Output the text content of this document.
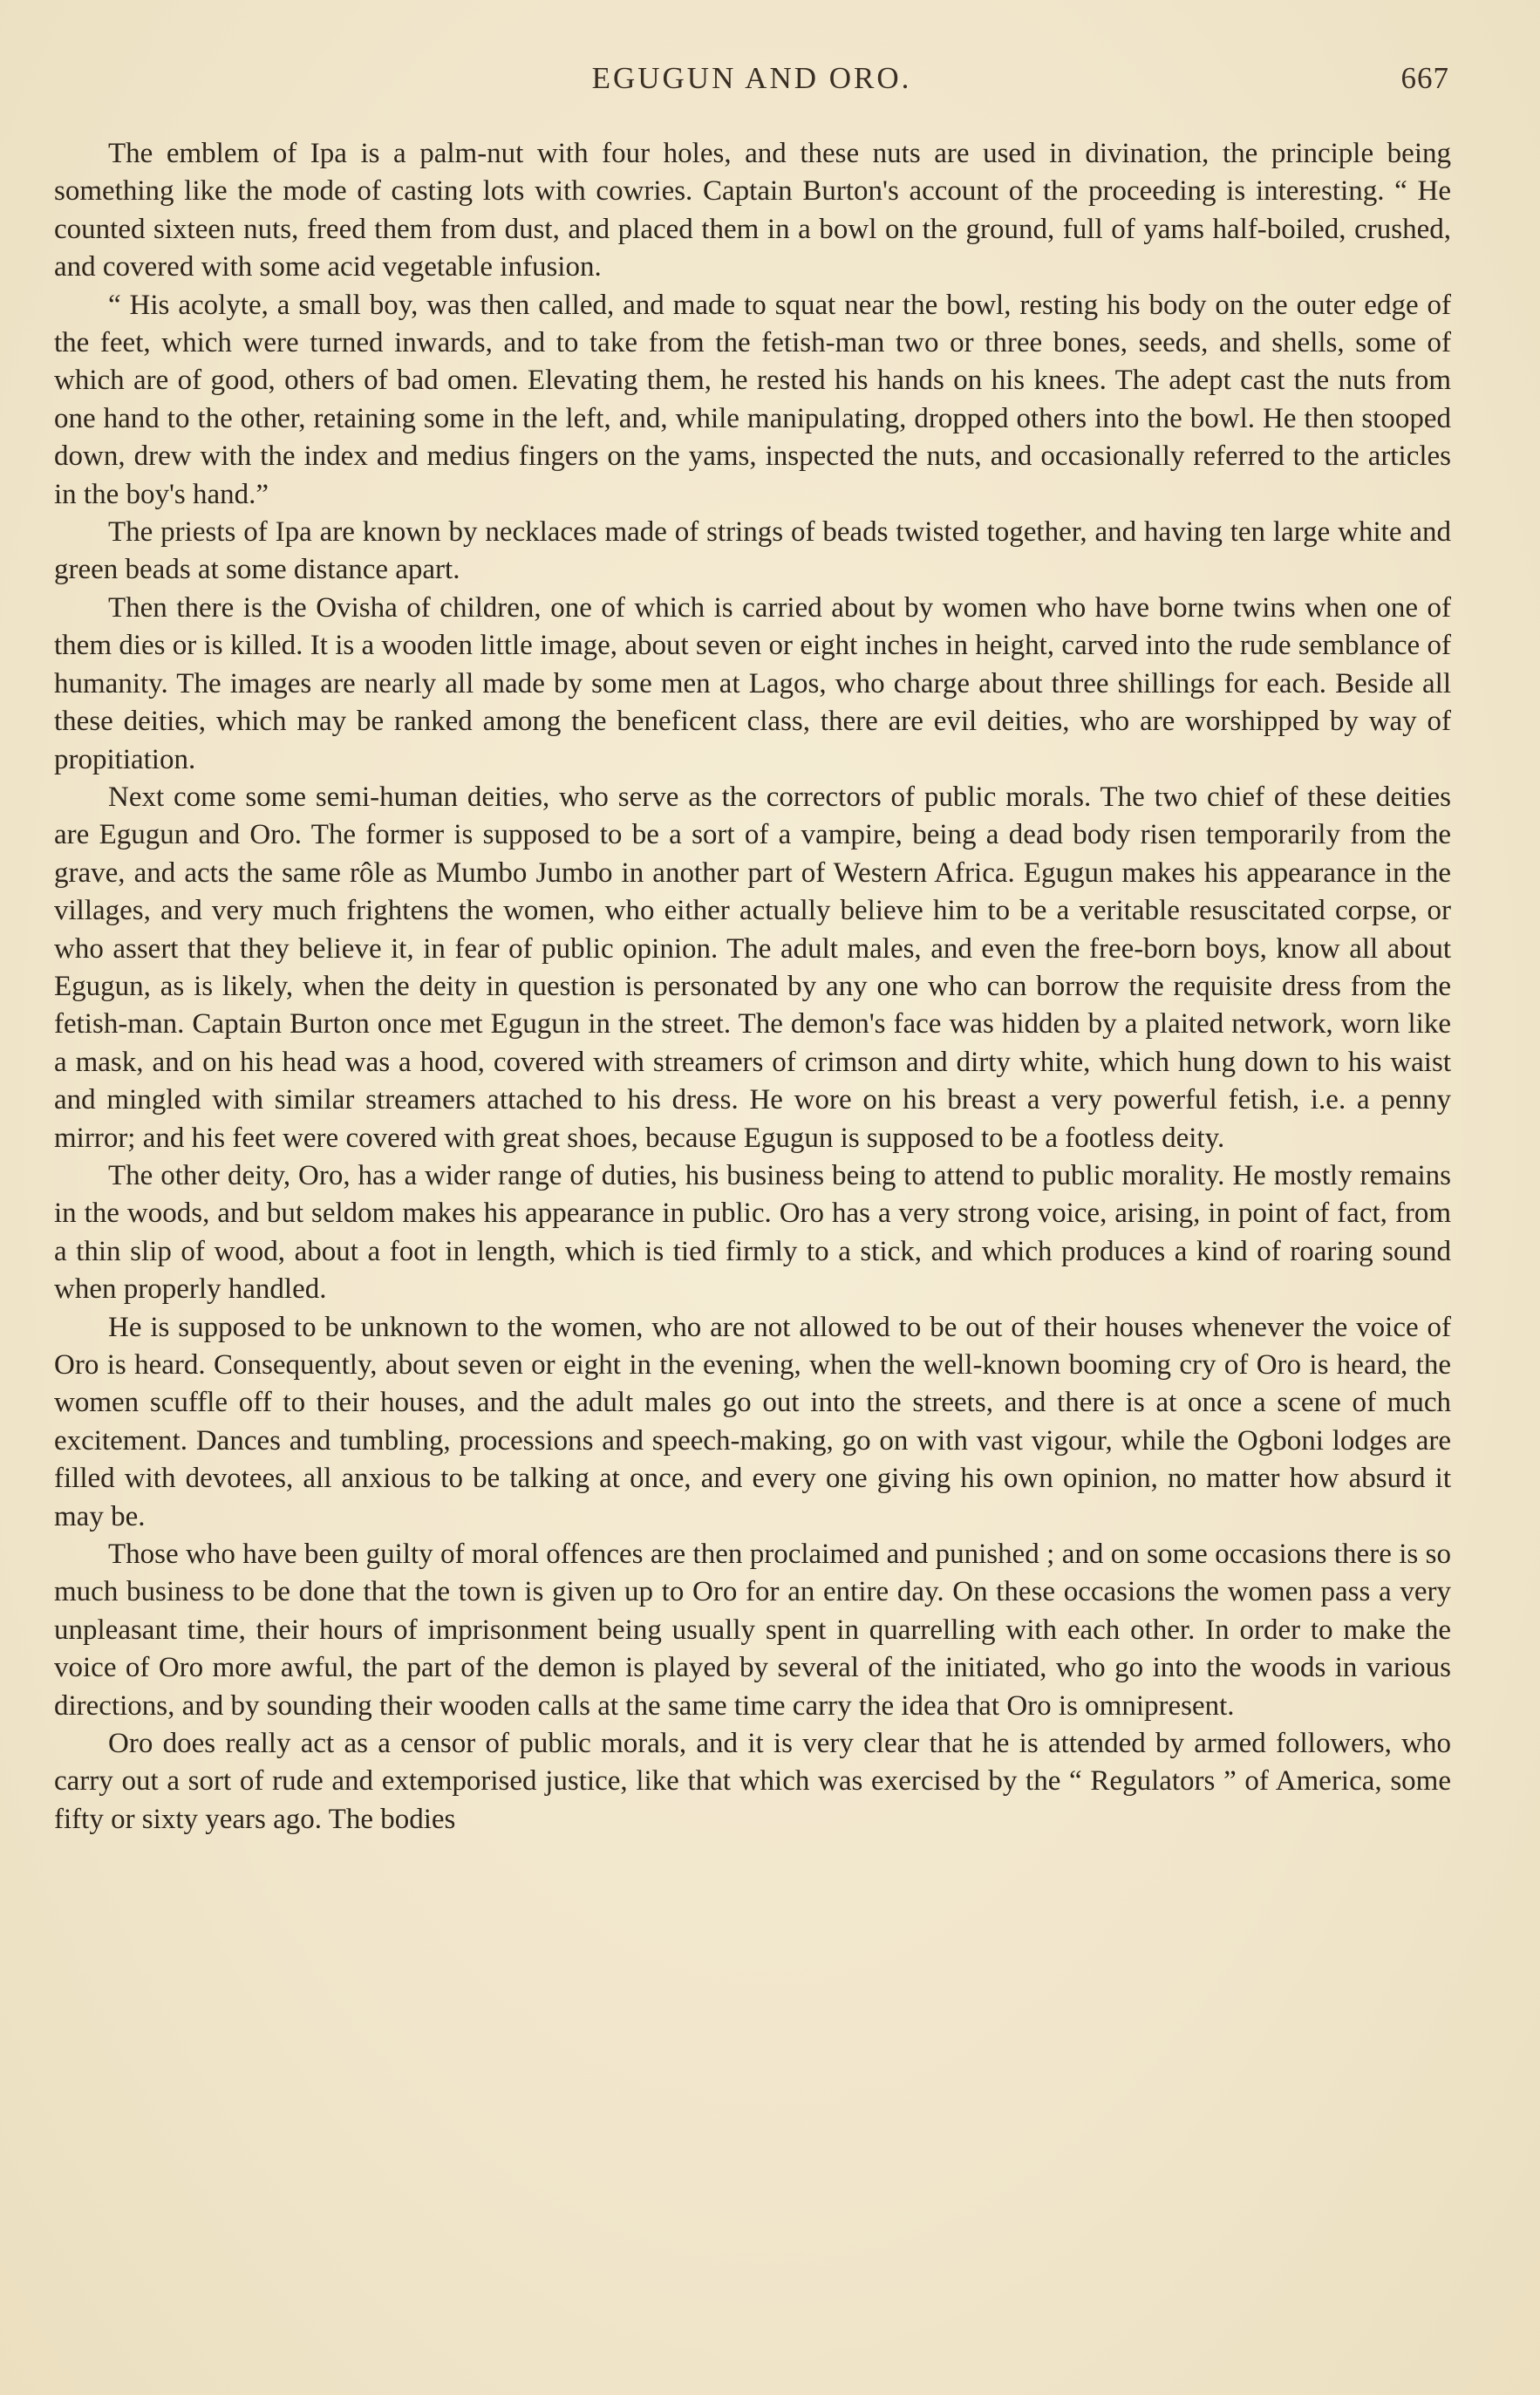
EGUGUN AND ORO.	667

The emblem of Ipa is a palm-nut with four holes, and these nuts are used in divination, the principle being something like the mode of casting lots with cowries. Captain Burton's account of the proceeding is interesting. “ He counted sixteen nuts, freed them from dust, and placed them in a bowl on the ground, full of yams half-boiled, crushed, and covered with some acid vegetable infusion.

“ His acolyte, a small boy, was then called, and made to squat near the bowl, resting his body on the outer edge of the feet, which were turned inwards, and to take from the fetish-man two or three bones, seeds, and shells, some of which are of good, others of bad omen. Elevating them, he rested his hands on his knees. The adept cast the nuts from one hand to the other, retaining some in the left, and, while manipulating, dropped others into the bowl. He then stooped down, drew with the index and medius fingers on the yams, inspected the nuts, and occasionally referred to the articles in the boy's hand.”

The priests of Ipa are known by necklaces made of strings of beads twisted together, and having ten large white and green beads at some distance apart.

Then there is the Ovisha of children, one of which is carried about by women who have borne twins when one of them dies or is killed. It is a wooden little image, about seven or eight inches in height, carved into the rude semblance of humanity. The images are nearly all made by some men at Lagos, who charge about three shillings for each. Beside all these deities, which may be ranked among the beneficent class, there are evil deities, who are worshipped by way of propitiation.

Next come some semi-human deities, who serve as the correctors of public morals. The two chief of these deities are Egugun and Oro. The former is supposed to be a sort of a vampire, being a dead body risen temporarily from the grave, and acts the same rôle as Mumbo Jumbo in another part of Western Africa. Egugun makes his appearance in the villages, and very much frightens the women, who either actually believe him to be a veritable resuscitated corpse, or who assert that they believe it, in fear of public opinion. The adult males, and even the free-born boys, know all about Egugun, as is likely, when the deity in question is personated by any one who can borrow the requisite dress from the fetish-man. Captain Burton once met Egugun in the street. The demon's face was hidden by a plaited network, worn like a mask, and on his head was a hood, covered with streamers of crimson and dirty white, which hung down to his waist and mingled with similar streamers attached to his dress. He wore on his breast a very powerful fetish, i.e. a penny mirror; and his feet were covered with great shoes, because Egugun is supposed to be a footless deity.

The other deity, Oro, has a wider range of duties, his business being to attend to public morality. He mostly remains in the woods, and but seldom makes his appearance in public. Oro has a very strong voice, arising, in point of fact, from a thin slip of wood, about a foot in length, which is tied firmly to a stick, and which produces a kind of roaring sound when properly handled.

He is supposed to be unknown to the women, who are not allowed to be out of their houses whenever the voice of Oro is heard. Consequently, about seven or eight in the evening, when the well-known booming cry of Oro is heard, the women scuffle off to their houses, and the adult males go out into the streets, and there is at once a scene of much excitement. Dances and tumbling, processions and speech-making, go on with vast vigour, while the Ogboni lodges are filled with devotees, all anxious to be talking at once, and every one giving his own opinion, no matter how absurd it may be.

Those who have been guilty of moral offences are then proclaimed and punished ; and on some occasions there is so much business to be done that the town is given up to Oro for an entire day. On these occasions the women pass a very unpleasant time, their hours of imprisonment being usually spent in quarrelling with each other. In order to make the voice of Oro more awful, the part of the demon is played by several of the initiated, who go into the woods in various directions, and by sounding their wooden calls at the same time carry the idea that Oro is omnipresent.

Oro does really act as a censor of public morals, and it is very clear that he is attended by armed followers, who carry out a sort of rude and extemporised justice, like that which was exercised by the “ Regulators ” of America, some fifty or sixty years ago. The bodies
